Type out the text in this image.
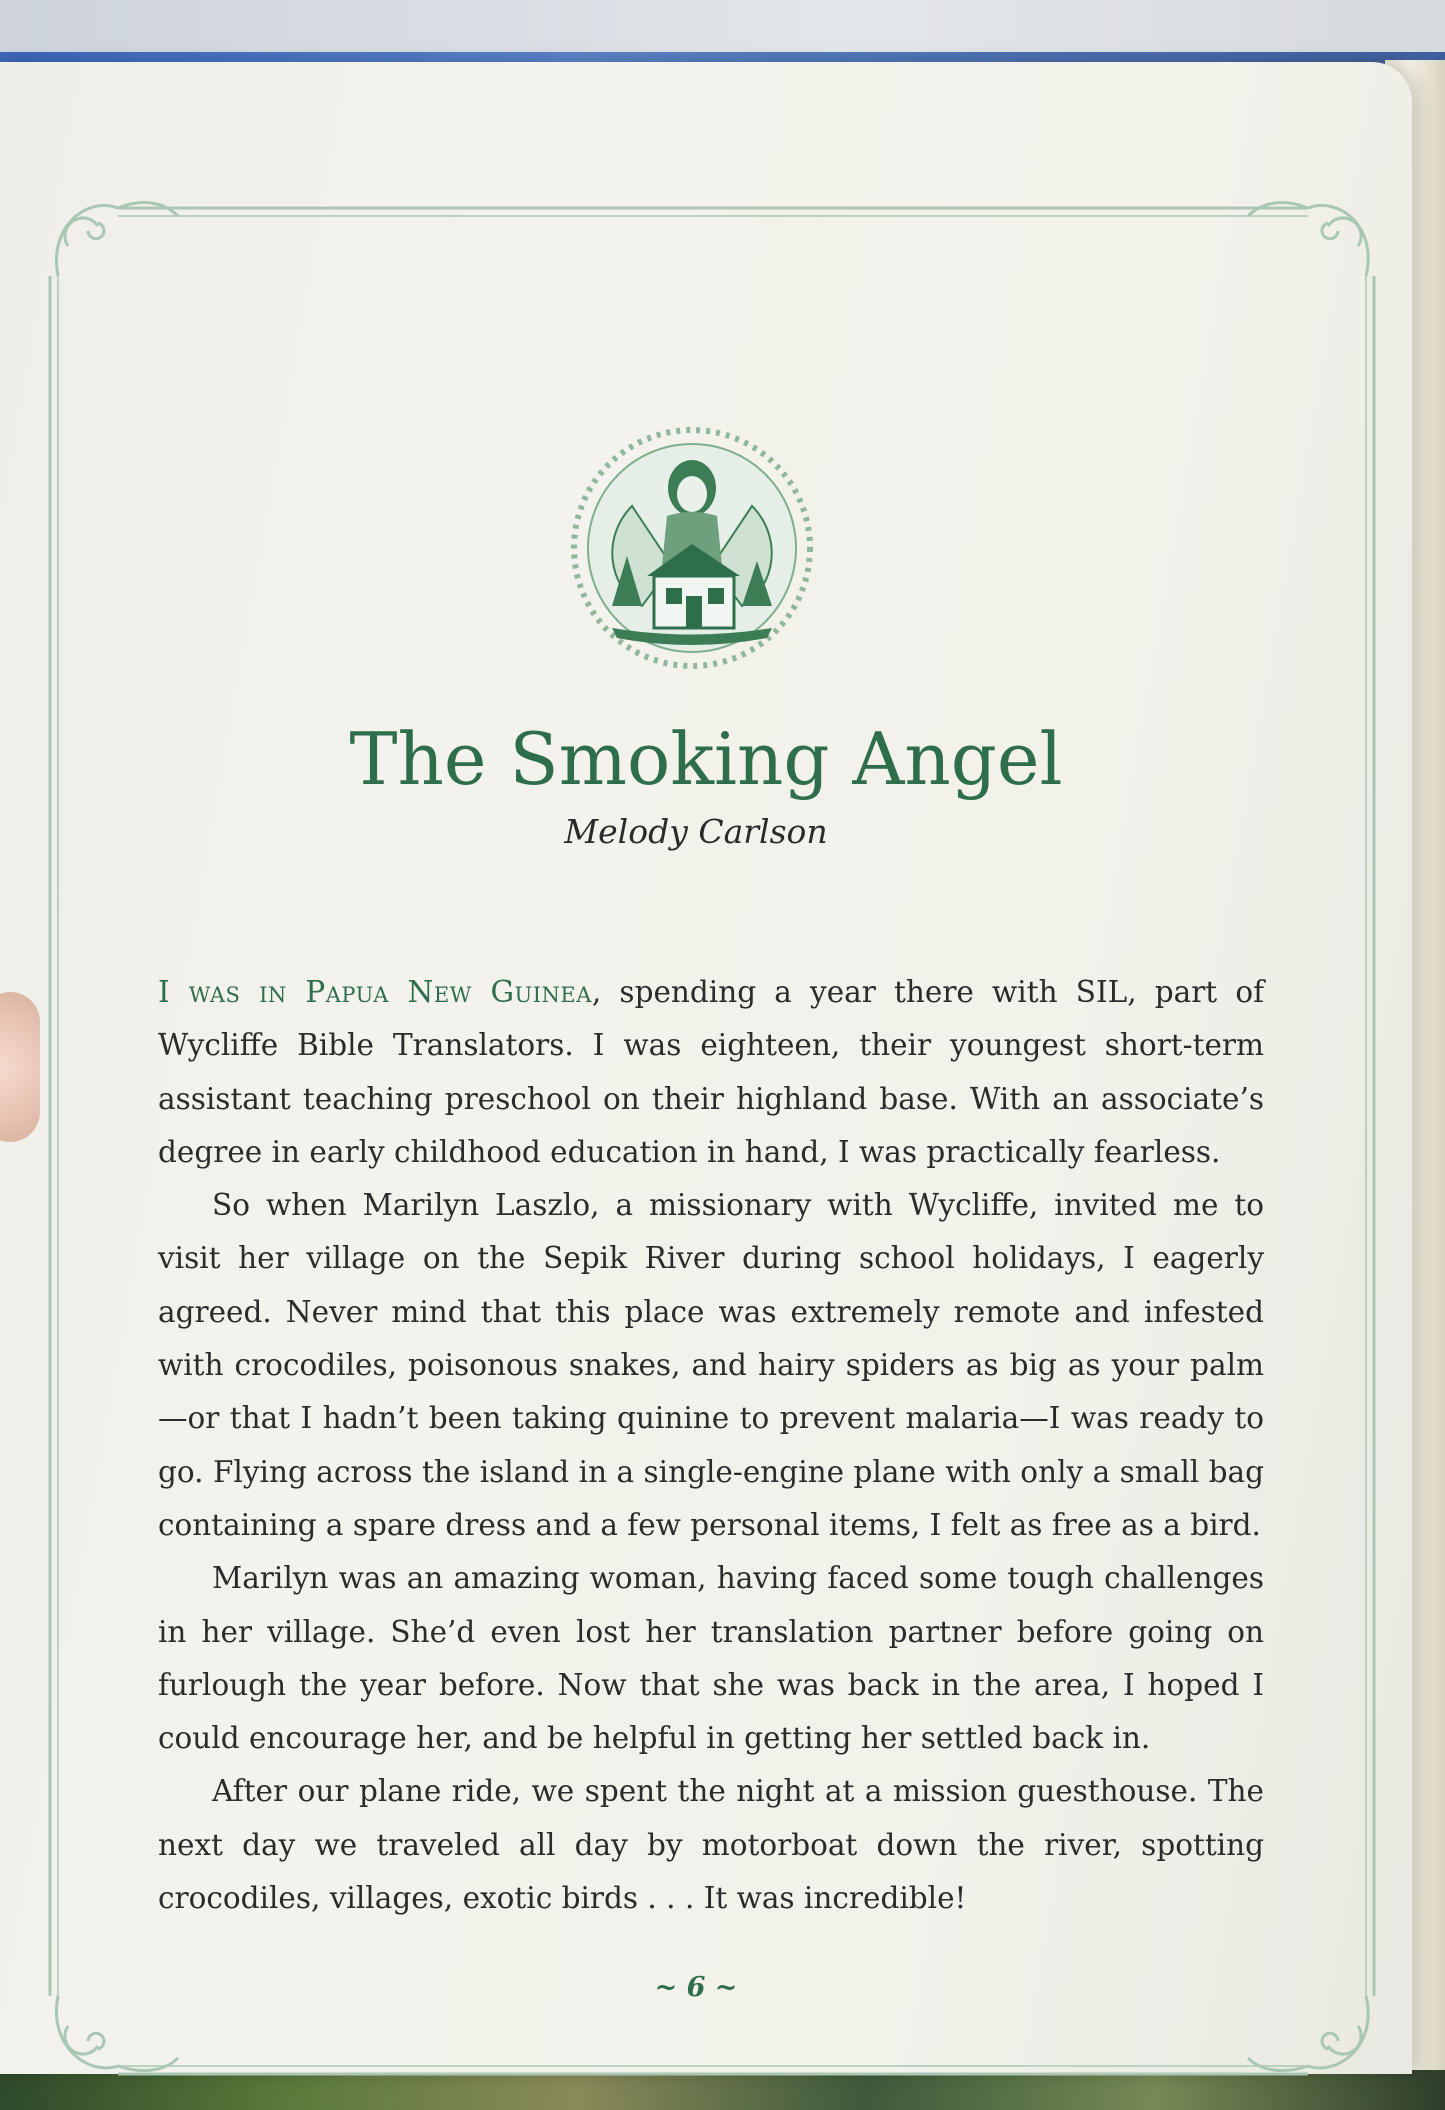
The Smoking Angel
Melody Carlson

I was in Papua New Guinea, spending a year there with SIL, part of Wycliffe Bible Translators. I was eighteen, their youngest short-term assistant teaching preschool on their highland base. With an associate’s degree in early childhood education in hand, I was practically fearless.

So when Marilyn Laszlo, a missionary with Wycliffe, invited me to visit her village on the Sepik River during school holidays, I eagerly agreed. Never mind that this place was extremely remote and infested with crocodiles, poisonous snakes, and hairy spiders as big as your palm—or that I hadn’t been taking quinine to prevent malaria—I was ready to go. Flying across the island in a single-engine plane with only a small bag containing a spare dress and a few personal items, I felt as free as a bird.

Marilyn was an amazing woman, having faced some tough challenges in her village. She’d even lost her translation partner before going on furlough the year before. Now that she was back in the area, I hoped I could encourage her, and be helpful in getting her settled back in.

After our plane ride, we spent the night at a mission guesthouse. The next day we traveled all day by motorboat down the river, spotting crocodiles, villages, exotic birds . . . It was incredible!

~ 6 ~
